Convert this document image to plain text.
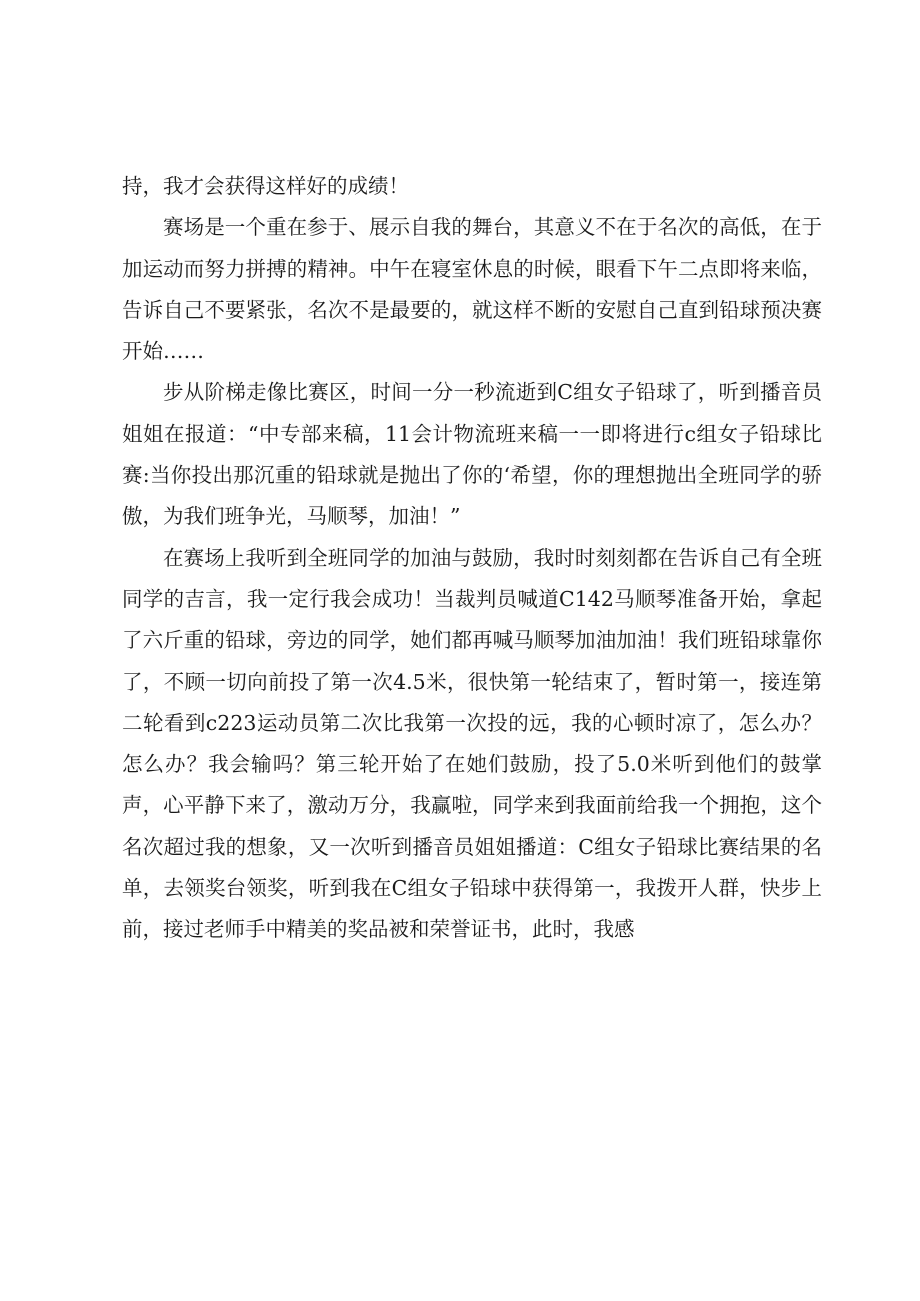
持，我才会获得这样好的成绩！

赛场是一个重在参于、展示自我的舞台，其意义不在于名次的高低，在于加运动而努力拼搏的精神。中午在寝室休息的时候，眼看下午二点即将来临，告诉自己不要紧张，名次不是最要的，就这样不断的安慰自己直到铅球预决赛开始……

步从阶梯走像比赛区，时间一分一秒流逝到C组女子铅球了，听到播音员姐姐在报道：“中专部来稿，11会计物流班来稿一一即将进行c组女子铅球比赛:当你投出那沉重的铅球就是抛出了你的‘希望，你的理想抛出全班同学的骄傲，为我们班争光，马顺琴，加油！”

在赛场上我听到全班同学的加油与鼓励，我时时刻刻都在告诉自己有全班同学的吉言，我一定行我会成功！当裁判员喊道C142马顺琴准备开始，拿起了六斤重的铅球，旁边的同学，她们都再喊马顺琴加油加油！我们班铅球靠你了，不顾一切向前投了第一次4.5米，很快第一轮结束了，暂时第一，接连第二轮看到c223运动员第二次比我第一次投的远，我的心顿时凉了，怎么办？怎么办？我会输吗？第三轮开始了在她们鼓励，投了5.0米听到他们的鼓掌声，心平静下来了，激动万分，我赢啦，同学来到我面前给我一个拥抱，这个名次超过我的想象，又一次听到播音员姐姐播道：C组女子铅球比赛结果的名单，去领奖台领奖，听到我在C组女子铅球中获得第一，我拨开人群，快步上前，接过老师手中精美的奖品被和荣誉证书，此时，我感
